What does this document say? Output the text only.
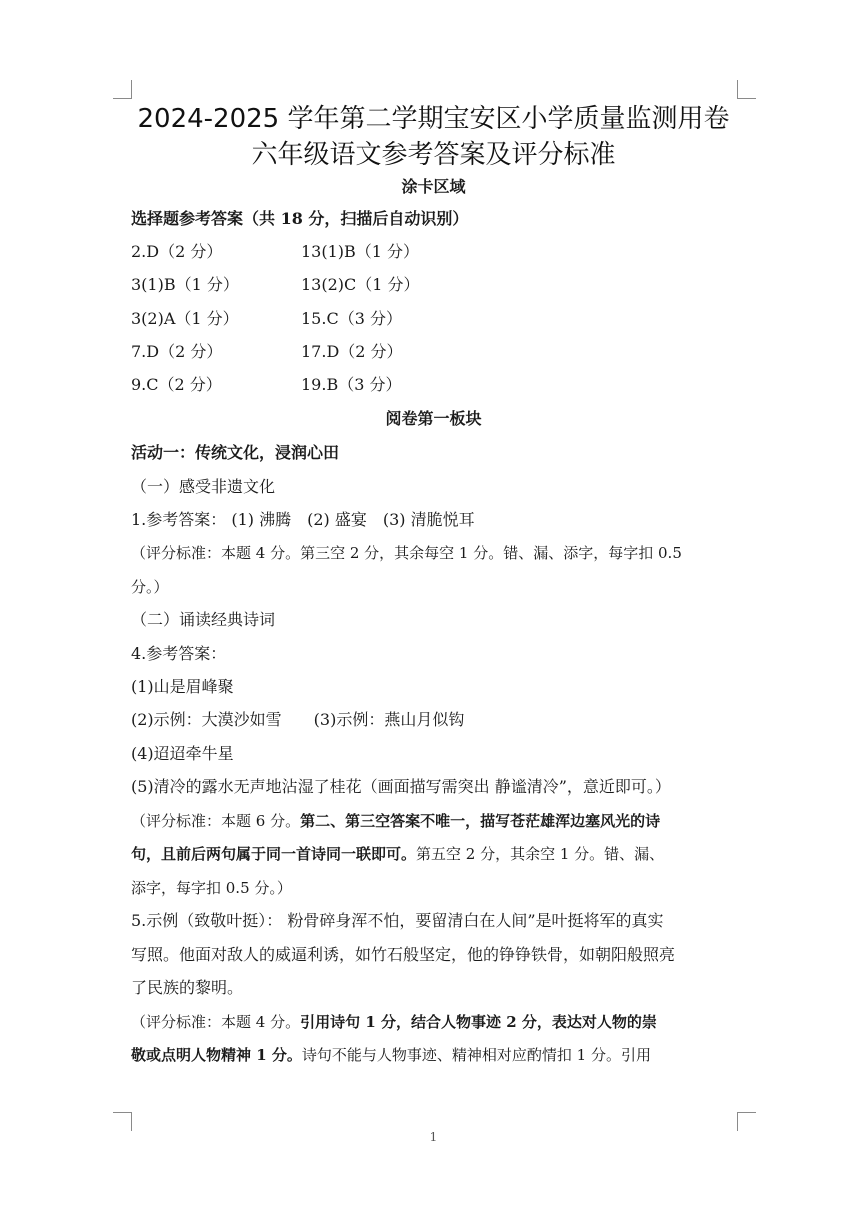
2024-2025 学年第二学期宝安区小学质量监测用卷
六年级语文参考答案及评分标准
涂卡区域
选择题参考答案（共 18 分，扫描后自动识别）
2.D（2 分）	13(1)B（1 分）
3(1)B（1 分）	13(2)C（1 分）
3(2)A（1 分）	15.C（3 分）
7.D（2 分）	17.D（2 分）
9.C（2 分）	19.B（3 分）
阅卷第一板块
活动一：传统文化，浸润心田
（一）感受非遗文化
1.参考答案： (1) 沸腾　(2) 盛宴　(3) 清脆悦耳
（评分标准：本题 4 分。第三空 2 分，其余每空 1 分。错、漏、添字，每字扣 0.5
分。）
（二）诵读经典诗词
4.参考答案：
(1)山是眉峰聚
(2)示例：大漠沙如雪　　(3)示例：燕山月似钩
(4)迢迢牵牛星
(5)清冷的露水无声地沾湿了桂花（画面描写需突出 静谧清冷”，意近即可。）
（评分标准：本题 6 分。第二、第三空答案不唯一，描写苍茫雄浑边塞风光的诗
句，且前后两句属于同一首诗同一联即可。第五空 2 分，其余空 1 分。错、漏、
添字，每字扣 0.5 分。）
5.示例（致敬叶挺）： 粉骨碎身浑不怕，要留清白在人间”是叶挺将军的真实
写照。他面对敌人的威逼利诱，如竹石般坚定，他的铮铮铁骨，如朝阳般照亮
了民族的黎明。
（评分标准：本题 4 分。引用诗句 1 分，结合人物事迹 2 分，表达对人物的崇
敬或点明人物精神 1 分。诗句不能与人物事迹、精神相对应酌情扣 1 分。引用
1
